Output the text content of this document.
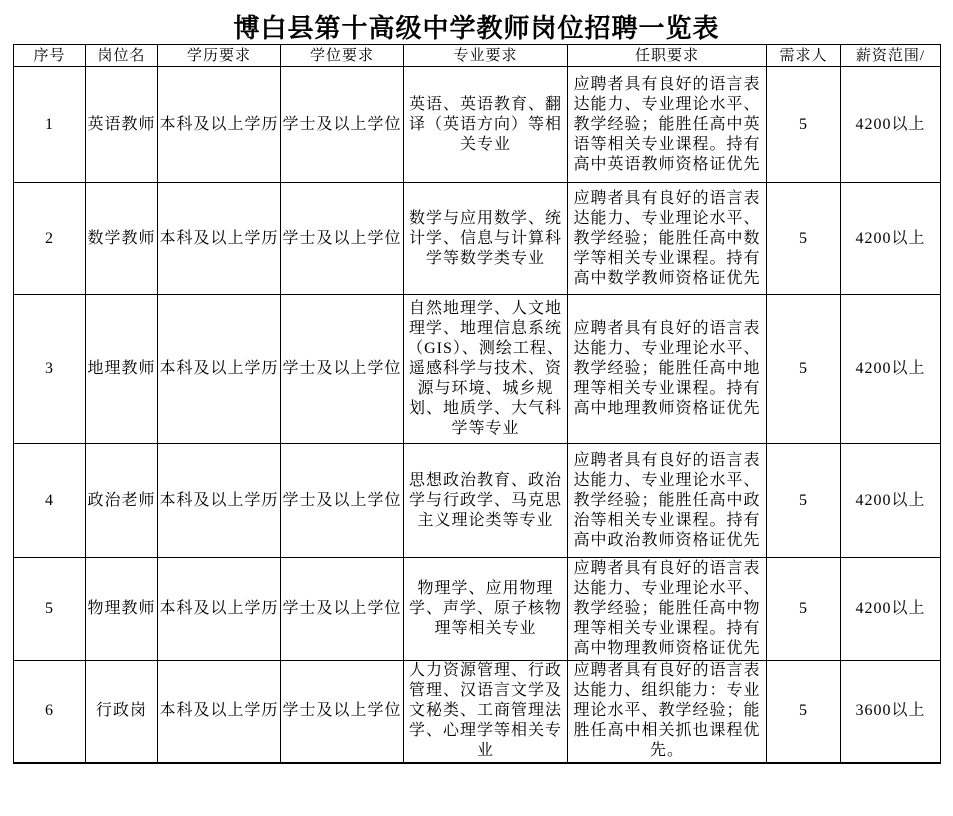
博白县第十高级中学教师岗位招聘一览表
序号	岗位名	学历要求	学位要求	专业要求	任职要求	需求人	薪资范围/
1	英语教师	本科及以上学历	学士及以上学位	英语、英语教育、翻译（英语方向）等相关专业	应聘者具有良好的语言表达能力、专业理论水平、教学经验；能胜任高中英语等相关专业课程。持有高中英语教师资格证优先	5	4200以上
2	数学教师	本科及以上学历	学士及以上学位	数学与应用数学、统计学、信息与计算科学等数学类专业	应聘者具有良好的语言表达能力、专业理论水平、教学经验；能胜任高中数学等相关专业课程。持有高中数学教师资格证优先	5	4200以上
3	地理教师	本科及以上学历	学士及以上学位	自然地理学、人文地理学、地理信息系统（GIS）、测绘工程、遥感科学与技术、资源与环境、城乡规划、地质学、大气科学等专业	应聘者具有良好的语言表达能力、专业理论水平、教学经验；能胜任高中地理等相关专业课程。持有高中地理教师资格证优先	5	4200以上
4	政治老师	本科及以上学历	学士及以上学位	思想政治教育、政治学与行政学、马克思主义理论类等专业	应聘者具有良好的语言表达能力、专业理论水平、教学经验；能胜任高中政治等相关专业课程。持有高中政治教师资格证优先	5	4200以上
5	物理教师	本科及以上学历	学士及以上学位	物理学、应用物理学、声学、原子核物理等相关专业	应聘者具有良好的语言表达能力、专业理论水平、教学经验；能胜任高中物理等相关专业课程。持有高中物理教师资格证优先	5	4200以上
6	行政岗	本科及以上学历	学士及以上学位	人力资源管理、行政管理、汉语言文学及文秘类、工商管理法学、心理学等相关专业	应聘者具有良好的语言表达能力、组织能力：专业理论水平、教学经验；能胜任高中相关抓也课程优先。	5	3600以上
